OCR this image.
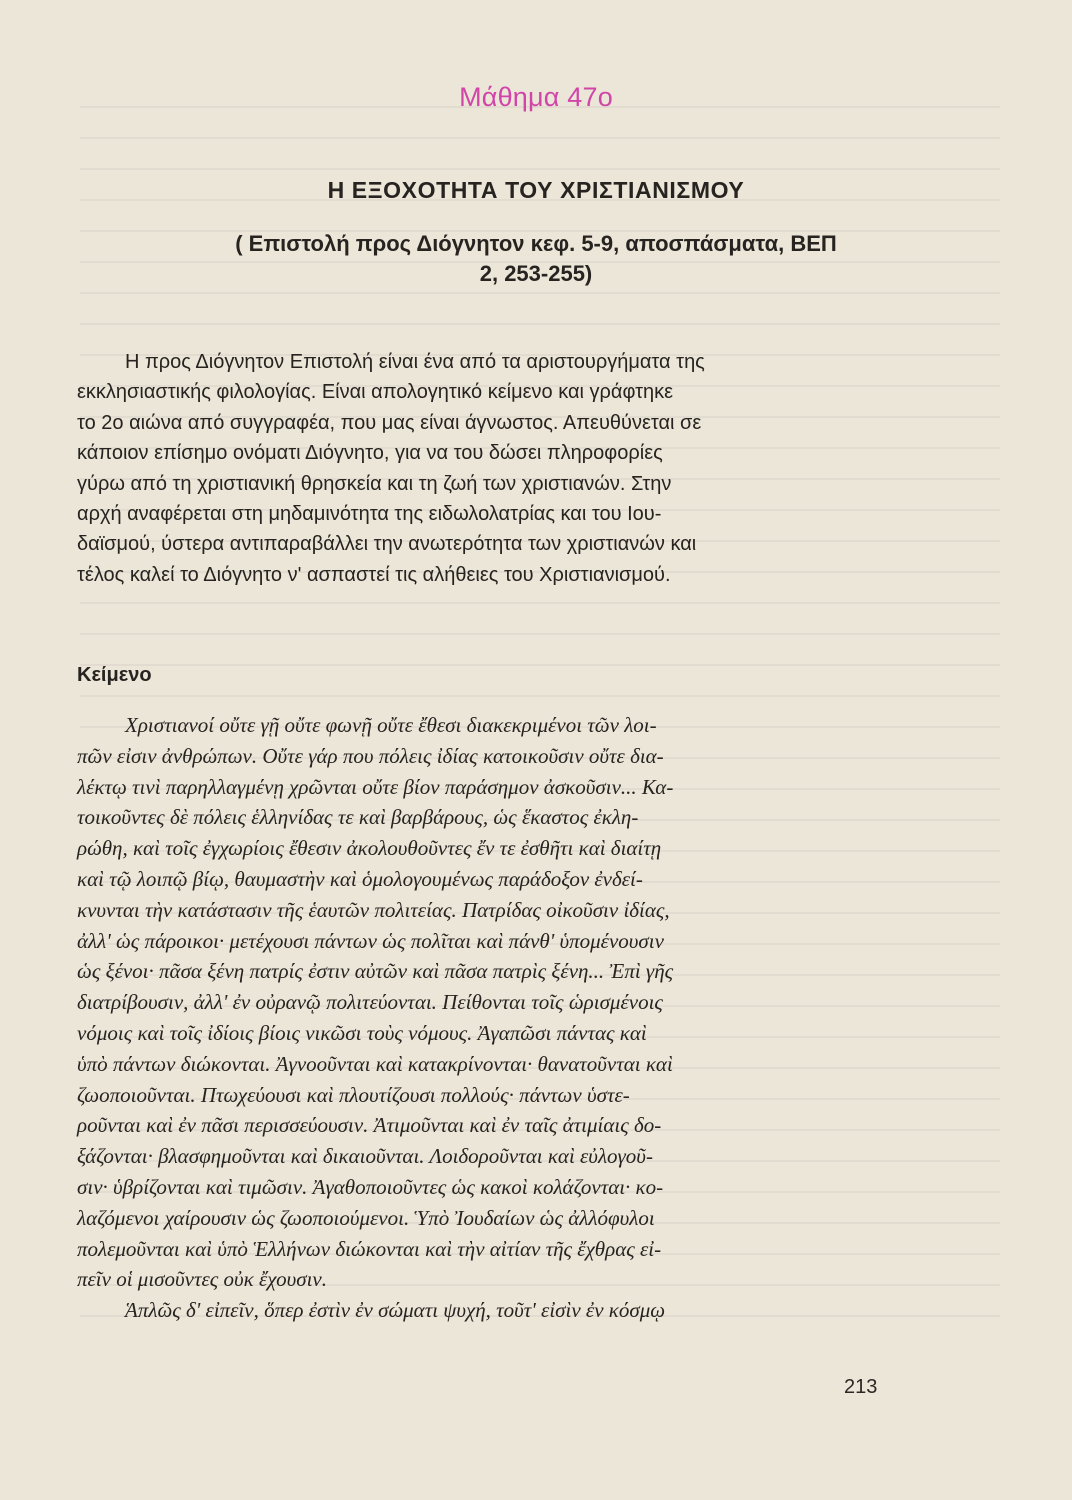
Μάθημα 47ο
Η ΕΞΟΧΟΤΗΤΑ ΤΟΥ ΧΡΙΣΤΙΑΝΙΣΜΟΥ
( Επιστολή προς Διόγνητον κεφ. 5-9, αποσπάσματα, ΒΕΠ
2, 253-255)
Η προς Διόγνητον Επιστολή είναι ένα από τα αριστουργήματα της
εκκλησιαστικής φιλολογίας. Είναι απολογητικό κείμενο και γράφτηκε
το 2ο αιώνα από συγγραφέα, που μας είναι άγνωστος. Απευθύνεται σε
κάποιον επίσημο ονόματι Διόγνητο, για να του δώσει πληροφορίες
γύρω από τη χριστιανική θρησκεία και τη ζωή των χριστιανών. Στην
αρχή αναφέρεται στη μηδαμινότητα της ειδωλολατρίας και του Ιου-
δαϊσμού, ύστερα αντιπαραβάλλει την ανωτερότητα των χριστιανών και
τέλος καλεί το Διόγνητο ν' ασπαστεί τις αλήθειες του Χριστιανισμού.
Κείμενο
Χριστιανοί οὔτε γῇ οὔτε φωνῇ οὔτε ἔθεσι διακεκριμένοι τῶν λοι-
πῶν εἰσιν ἀνθρώπων. Οὔτε γάρ που πόλεις ἰδίας κατοικοῦσιν οὔτε δια-
λέκτῳ τινὶ παρηλλαγμένῃ χρῶνται οὔτε βίον παράσημον ἀσκοῦσιν... Κα-
τοικοῦντες δὲ πόλεις ἑλληνίδας τε καὶ βαρβάρους, ὡς ἕκαστος ἐκλη-
ρώθη, καὶ τοῖς ἐγχωρίοις ἔθεσιν ἀκολουθοῦντες ἔν τε ἐσθῆτι καὶ διαίτῃ
καὶ τῷ λοιπῷ βίῳ, θαυμαστὴν καὶ ὁμολογουμένως παράδοξον ἐνδεί-
κνυνται τὴν κατάστασιν τῆς ἑαυτῶν πολιτείας. Πατρίδας οἰκοῦσιν ἰδίας,
ἀλλ' ὡς πάροικοι· μετέχουσι πάντων ὡς πολῖται καὶ πάνθ' ὑπομένουσιν
ὡς ξένοι· πᾶσα ξένη πατρίς ἐστιν αὐτῶν καὶ πᾶσα πατρὶς ξένη... Ἐπὶ γῆς
διατρίβουσιν, ἀλλ' ἐν οὐρανῷ πολιτεύονται. Πείθονται τοῖς ὡρισμένοις
νόμοις καὶ τοῖς ἰδίοις βίοις νικῶσι τοὺς νόμους. Ἀγαπῶσι πάντας καὶ
ὑπὸ πάντων διώκονται. Ἀγνοοῦνται καὶ κατακρίνονται· θανατοῦνται καὶ
ζωοποιοῦνται. Πτωχεύουσι καὶ πλουτίζουσι πολλούς· πάντων ὑστε-
ροῦνται καὶ ἐν πᾶσι περισσεύουσιν. Ἀτιμοῦνται καὶ ἐν ταῖς ἀτιμίαις δο-
ξάζονται· βλασφημοῦνται καὶ δικαιοῦνται. Λοιδοροῦνται καὶ εὐλογοῦ-
σιν· ὑβρίζονται καὶ τιμῶσιν. Ἀγαθοποιοῦντες ὡς κακοὶ κολάζονται· κο-
λαζόμενοι χαίρουσιν ὡς ζωοποιούμενοι. Ὑπὸ Ἰουδαίων ὡς ἀλλόφυλοι
πολεμοῦνται καὶ ὑπὸ Ἑλλήνων διώκονται καὶ τὴν αἰτίαν τῆς ἔχθρας εἰ-
πεῖν οἱ μισοῦντες οὐκ ἔχουσιν.
Ἁπλῶς δ' εἰπεῖν, ὅπερ ἐστὶν ἐν σώματι ψυχή, τοῦτ' εἰσὶν ἐν κόσμῳ
213
